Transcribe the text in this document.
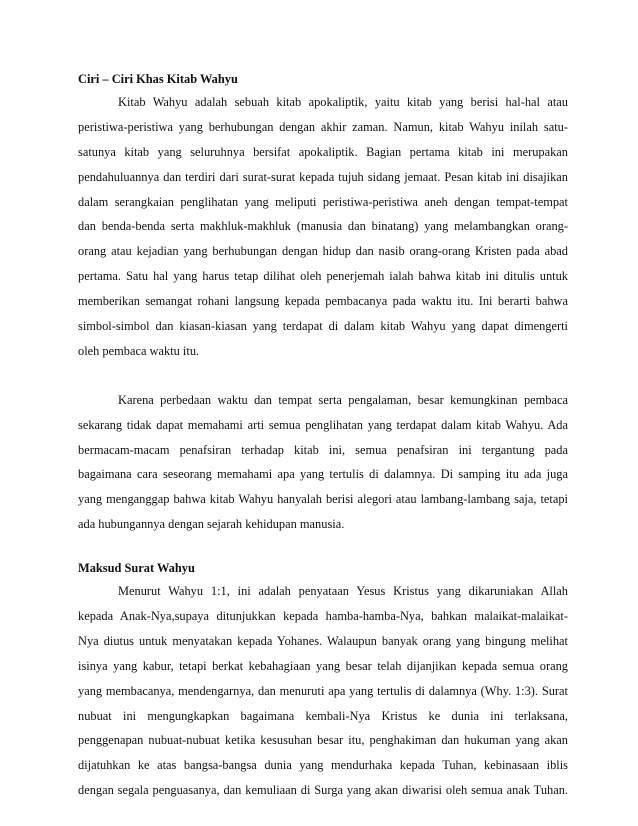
Ciri – Ciri Khas Kitab Wahyu
Kitab Wahyu adalah sebuah kitab apokaliptik, yaitu kitab yang berisi hal-hal atau
peristiwa-peristiwa yang berhubungan dengan akhir zaman. Namun, kitab Wahyu inilah satu-
satunya kitab yang seluruhnya bersifat apokaliptik. Bagian pertama kitab ini merupakan
pendahuluannya dan terdiri dari surat-surat kepada tujuh sidang jemaat. Pesan kitab ini disajikan
dalam serangkaian penglihatan yang meliputi peristiwa-peristiwa aneh dengan tempat-tempat
dan benda-benda serta makhluk-makhluk (manusia dan binatang) yang melambangkan orang-
orang atau kejadian yang berhubungan dengan hidup dan nasib orang-orang Kristen pada abad
pertama. Satu hal yang harus tetap dilihat oleh penerjemah ialah bahwa kitab ini ditulis untuk
memberikan semangat rohani langsung kepada pembacanya pada waktu itu. Ini berarti bahwa
simbol-simbol dan kiasan-kiasan yang terdapat di dalam kitab Wahyu yang dapat dimengerti
oleh pembaca waktu itu.
Karena perbedaan waktu dan tempat serta pengalaman, besar kemungkinan pembaca
sekarang tidak dapat memahami arti semua penglihatan yang terdapat dalam kitab Wahyu. Ada
bermacam-macam penafsiran terhadap kitab ini, semua penafsiran ini tergantung pada
bagaimana cara seseorang memahami apa yang tertulis di dalamnya. Di samping itu ada juga
yang menganggap bahwa kitab Wahyu hanyalah berisi alegori atau lambang-lambang saja, tetapi
ada hubungannya dengan sejarah kehidupan manusia.
Maksud Surat Wahyu
Menurut Wahyu 1:1, ini adalah penyataan Yesus Kristus yang dikaruniakan Allah
kepada Anak-Nya,supaya ditunjukkan kepada hamba-hamba-Nya, bahkan malaikat-malaikat-
Nya diutus untuk menyatakan kepada Yohanes. Walaupun banyak orang yang bingung melihat
isinya yang kabur, tetapi berkat kebahagiaan yang besar telah dijanjikan kepada semua orang
yang membacanya, mendengarnya, dan menuruti apa yang tertulis di dalamnya (Why. 1:3). Surat
nubuat ini mengungkapkan bagaimana kembali-Nya Kristus ke dunia ini terlaksana,
penggenapan nubuat-nubuat ketika kesusuhan besar itu, penghakiman dan hukuman yang akan
dijatuhkan ke atas bangsa-bangsa dunia yang mendurhaka kepada Tuhan, kebinasaan iblis
dengan segala penguasanya, dan kemuliaan di Surga yang akan diwarisi oleh semua anak Tuhan.
